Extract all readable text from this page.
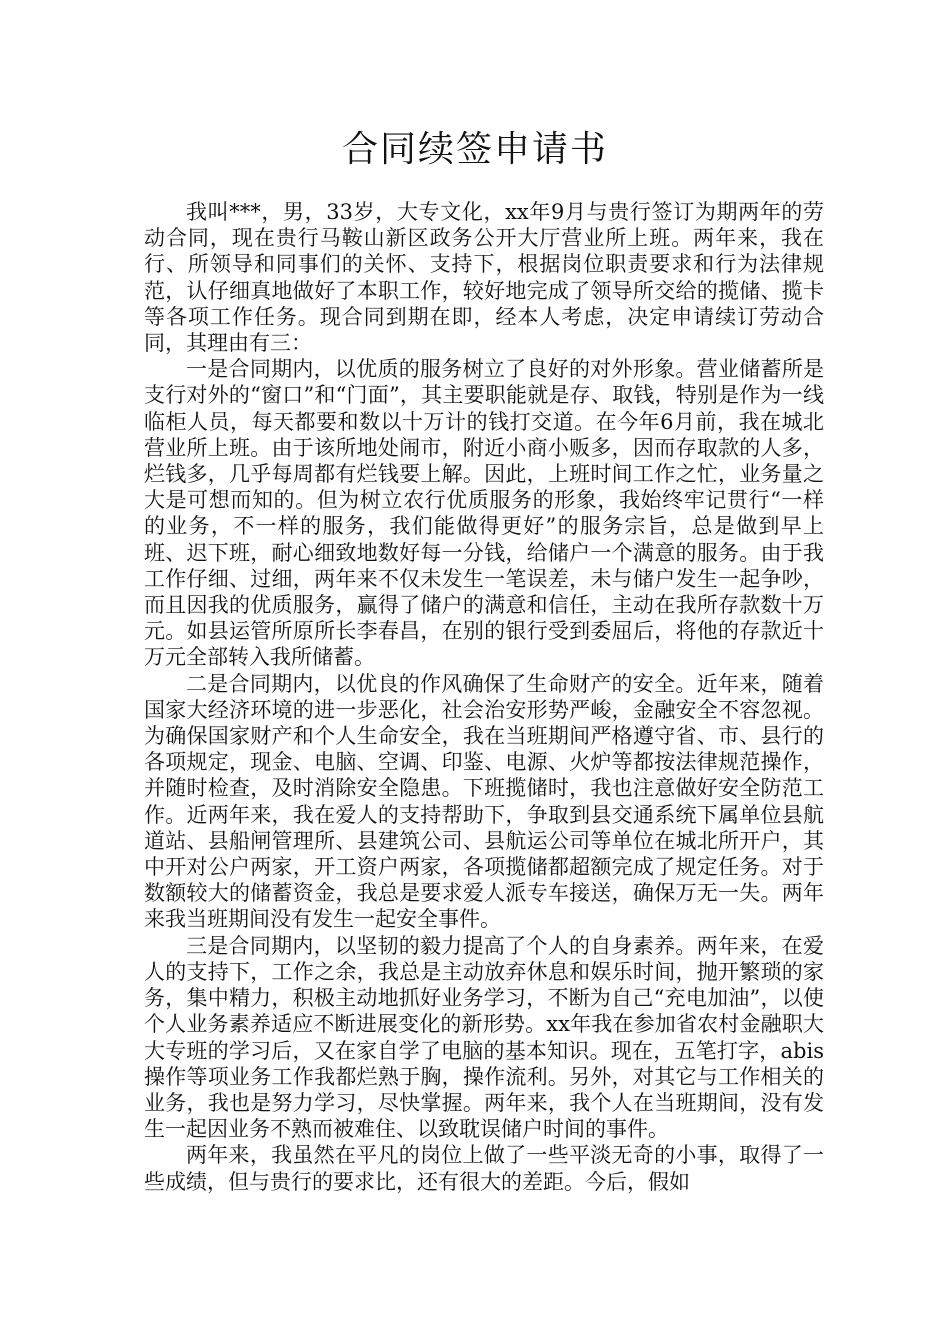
合同续签申请书

我叫***，男，33岁，大专文化，xx年9月与贵行签订为期两年的劳动合同，现在贵行马鞍山新区政务公开大厅营业所上班。两年来，我在行、所领导和同事们的关怀、支持下，根据岗位职责要求和行为法律规范，认仔细真地做好了本职工作，较好地完成了领导所交给的揽储、揽卡等各项工作任务。现合同到期在即，经本人考虑，决定申请续订劳动合同，其理由有三：

一是合同期内，以优质的服务树立了良好的对外形象。营业储蓄所是支行对外的“窗口”和“门面”，其主要职能就是存、取钱，特别是作为一线临柜人员，每天都要和数以十万计的钱打交道。在今年6月前，我在城北营业所上班。由于该所地处闹市，附近小商小贩多，因而存取款的人多，烂钱多，几乎每周都有烂钱要上解。因此，上班时间工作之忙，业务量之大是可想而知的。但为树立农行优质服务的形象，我始终牢记贯行“一样的业务，不一样的服务，我们能做得更好”的服务宗旨，总是做到早上班、迟下班，耐心细致地数好每一分钱，给储户一个满意的服务。由于我工作仔细、过细，两年来不仅未发生一笔误差，未与储户发生一起争吵，而且因我的优质服务，赢得了储户的满意和信任，主动在我所存款数十万元。如县运管所原所长李春昌，在别的银行受到委屈后，将他的存款近十万元全部转入我所储蓄。

二是合同期内，以优良的作风确保了生命财产的安全。近年来，随着国家大经济环境的进一步恶化，社会治安形势严峻，金融安全不容忽视。为确保国家财产和个人生命安全，我在当班期间严格遵守省、市、县行的各项规定，现金、电脑、空调、印鉴、电源、火炉等都按法律规范操作，并随时检查，及时消除安全隐患。下班揽储时，我也注意做好安全防范工作。近两年来，我在爱人的支持帮助下，争取到县交通系统下属单位县航道站、县船闸管理所、县建筑公司、县航运公司等单位在城北所开户，其中开对公户两家，开工资户两家，各项揽储都超额完成了规定任务。对于数额较大的储蓄资金，我总是要求爱人派专车接送，确保万无一失。两年来我当班期间没有发生一起安全事件。

三是合同期内，以坚韧的毅力提高了个人的自身素养。两年来，在爱人的支持下，工作之余，我总是主动放弃休息和娱乐时间，抛开繁琐的家务，集中精力，积极主动地抓好业务学习，不断为自己“充电加油”，以使个人业务素养适应不断进展变化的新形势。xx年我在参加省农村金融职大大专班的学习后，又在家自学了电脑的基本知识。现在，五笔打字，abis操作等项业务工作我都烂熟于胸，操作流利。另外，对其它与工作相关的业务，我也是努力学习，尽快掌握。两年来，我个人在当班期间，没有发生一起因业务不熟而被难住、以致耽误储户时间的事件。

两年来，我虽然在平凡的岗位上做了一些平淡无奇的小事，取得了一些成绩，但与贵行的要求比，还有很大的差距。今后，假如
